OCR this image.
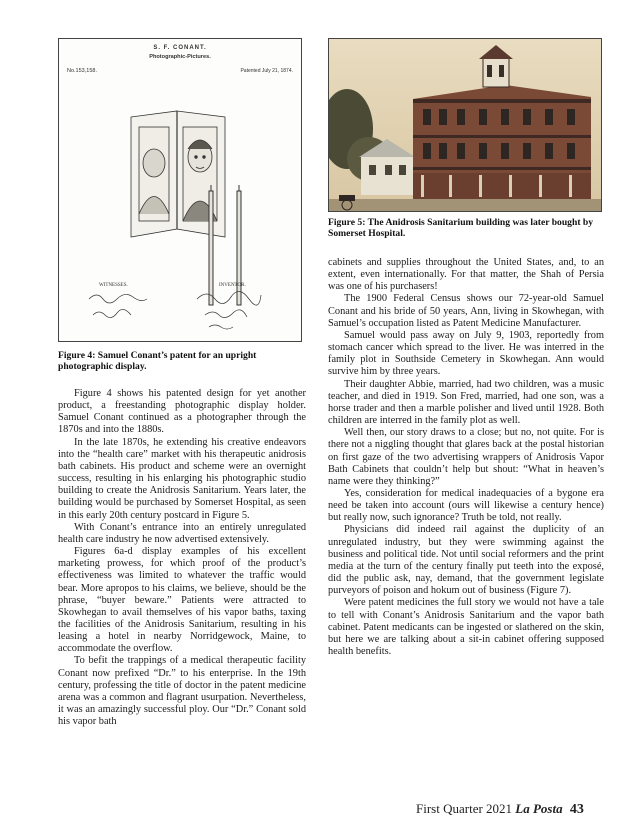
S. F. CONANT.
Photographic-Pictures.
No.153,158.	Patented July 21, 1874.
WITNESSES.	INVENTOR.
Figure 4: Samuel Conant’s patent for an upright photographic display.
Figure 5: The Anidrosis Sanitarium building was later bought by Somerset Hospital.

Figure 4 shows his patented design for yet another product, a freestanding photographic display holder. Samuel Conant continued as a photographer through the 1870s and into the 1880s.

In the late 1870s, he extending his creative endeavors into the “health care” market with his therapeutic anidrosis bath cabinets. His product and scheme were an overnight success, resulting in his enlarging his photographic studio building to create the Anidrosis Sanitarium. Years later, the building would be purchased by Somerset Hospital, as seen in this early 20th century postcard in Figure 5.

With Conant’s entrance into an entirely unregulated health care industry he now advertised extensively.

Figures 6a-d display examples of his excellent marketing prowess, for which proof of the product’s effectiveness was limited to whatever the traffic would bear. More apropos to his claims, we believe, should be the phrase, “buyer beware.” Patients were attracted to Skowhegan to avail themselves of his vapor baths, taxing the facilities of the Anidrosis Sanitarium, resulting in his leasing a hotel in nearby Norridgewock, Maine, to accommodate the overflow.

To befit the trappings of a medical therapeutic facility Conant now prefixed “Dr.” to his enterprise. In the 19th century, professing the title of doctor in the patent medicine arena was a common and flagrant usurpation. Nevertheless, it was an amazingly successful ploy. Our “Dr.” Conant sold his vapor bath

cabinets and supplies throughout the United States, and, to an extent, even internationally. For that matter, the Shah of Persia was one of his purchasers!

The 1900 Federal Census shows our 72-year-old Samuel Conant and his bride of 50 years, Ann, living in Skowhegan, with Samuel’s occupation listed as Patent Medicine Manufacturer.

Samuel would pass away on July 9, 1903, reportedly from stomach cancer which spread to the liver. He was interred in the family plot in Southside Cemetery in Skowhegan. Ann would survive him by three years.

Their daughter Abbie, married, had two children, was a music teacher, and died in 1919. Son Fred, married, had one son, was a horse trader and then a marble polisher and lived until 1928. Both children are interred in the family plot as well.

Well then, our story draws to a close; but no, not quite. For is there not a niggling thought that glares back at the postal historian on first gaze of the two advertising wrappers of Anidrosis Vapor Bath Cabinets that couldn’t help but shout: “What in heaven’s name were they thinking?”

Yes, consideration for medical inadequacies of a bygone era need be taken into account (ours will likewise a century hence) but really now, such ignorance? Truth be told, not really.

Physicians did indeed rail against the duplicity of an unregulated industry, but they were swimming against the business and political tide. Not until social reformers and the print media at the turn of the century finally put teeth into the exposé, did the public ask, nay, demand, that the government legislate purveyors of poison and hokum out of business (Figure 7).

Were patent medicines the full story we would not have a tale to tell with Conant’s Anidrosis Sanitarium and the vapor bath cabinet. Patent medicants can be ingested or slathered on the skin, but here we are talking about a sit-in cabinet offering supposed health benefits.

First Quarter 2021 La Posta 43
